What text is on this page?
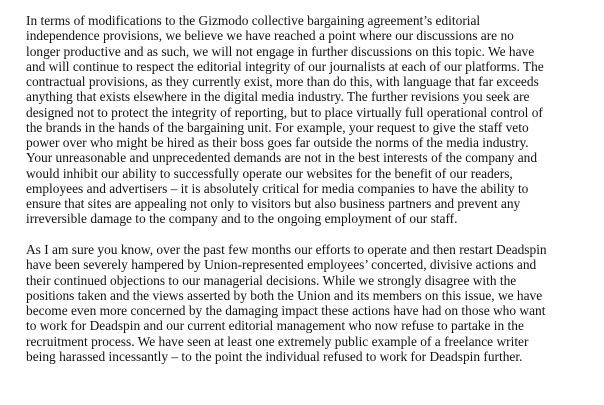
In terms of modifications to the Gizmodo collective bargaining agreement’s editorial
independence provisions, we believe we have reached a point where our discussions are no
longer productive and as such, we will not engage in further discussions on this topic. We have
and will continue to respect the editorial integrity of our journalists at each of our platforms. The
contractual provisions, as they currently exist, more than do this, with language that far exceeds
anything that exists elsewhere in the digital media industry. The further revisions you seek are
designed not to protect the integrity of reporting, but to place virtually full operational control of
the brands in the hands of the bargaining unit. For example, your request to give the staff veto
power over who might be hired as their boss goes far outside the norms of the media industry.
Your unreasonable and unprecedented demands are not in the best interests of the company and
would inhibit our ability to successfully operate our websites for the benefit of our readers,
employees and advertisers – it is absolutely critical for media companies to have the ability to
ensure that sites are appealing not only to visitors but also business partners and prevent any
irreversible damage to the company and to the ongoing employment of our staff.
As I am sure you know, over the past few months our efforts to operate and then restart Deadspin
have been severely hampered by Union-represented employees’ concerted, divisive actions and
their continued objections to our managerial decisions. While we strongly disagree with the
positions taken and the views asserted by both the Union and its members on this issue, we have
become even more concerned by the damaging impact these actions have had on those who want
to work for Deadspin and our current editorial management who now refuse to partake in the
recruitment process. We have seen at least one extremely public example of a freelance writer
being harassed incessantly – to the point the individual refused to work for Deadspin further.
